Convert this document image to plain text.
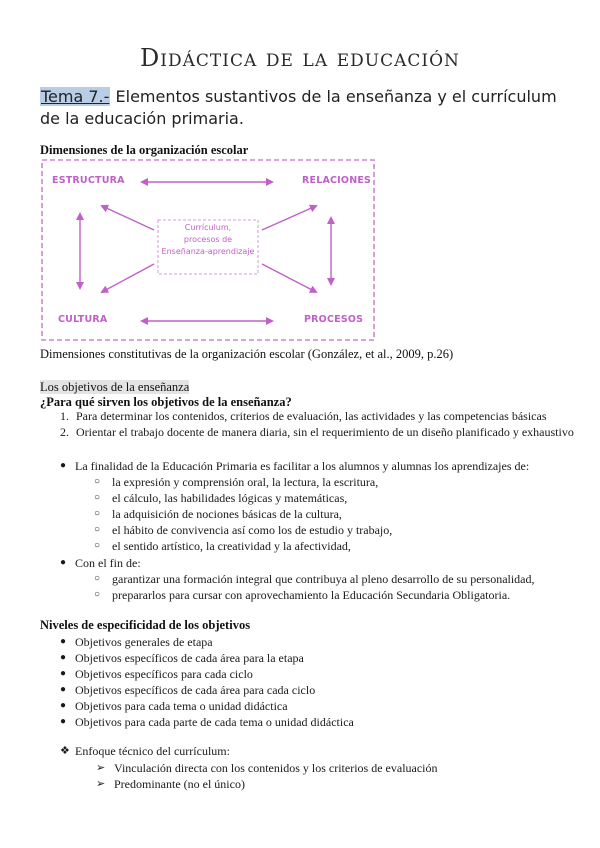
Didáctica de la educación
Tema 7.- Elementos sustantivos de la enseñanza y el currículum de la educación primaria.
Dimensiones de la organización escolar
ESTRUCTURA	RELACIONES
CULTURA	PROCESOS
Currículum,
procesos de
Enseñanza-aprendizaje
Dimensiones constitutivas de la organización escolar (González, et al., 2009, p.26)
Los objetivos de la enseñanza
¿Para qué sirven los objetivos de la enseñanza?
1. Para determinar los contenidos, criterios de evaluación, las actividades y las competencias básicas
2. Orientar el trabajo docente de manera diaria, sin el requerimiento de un diseño planificado y exhaustivo
● La finalidad de la Educación Primaria es facilitar a los alumnos y alumnas los aprendizajes de:
○ la expresión y comprensión oral, la lectura, la escritura,
○ el cálculo, las habilidades lógicas y matemáticas,
○ la adquisición de nociones básicas de la cultura,
○ el hábito de convivencia así como los de estudio y trabajo,
○ el sentido artístico, la creatividad y la afectividad,
● Con el fin de:
○ garantizar una formación integral que contribuya al pleno desarrollo de su personalidad,
○ prepararlos para cursar con aprovechamiento la Educación Secundaria Obligatoria.
Niveles de especificidad de los objetivos
● Objetivos generales de etapa
● Objetivos específicos de cada área para la etapa
● Objetivos específicos para cada ciclo
● Objetivos específicos de cada área para cada ciclo
● Objetivos para cada tema o unidad didáctica
● Objetivos para cada parte de cada tema o unidad didáctica
❖ Enfoque técnico del currículum:
➢ Vinculación directa con los contenidos y los criterios de evaluación
➢ Predominante (no el único)
